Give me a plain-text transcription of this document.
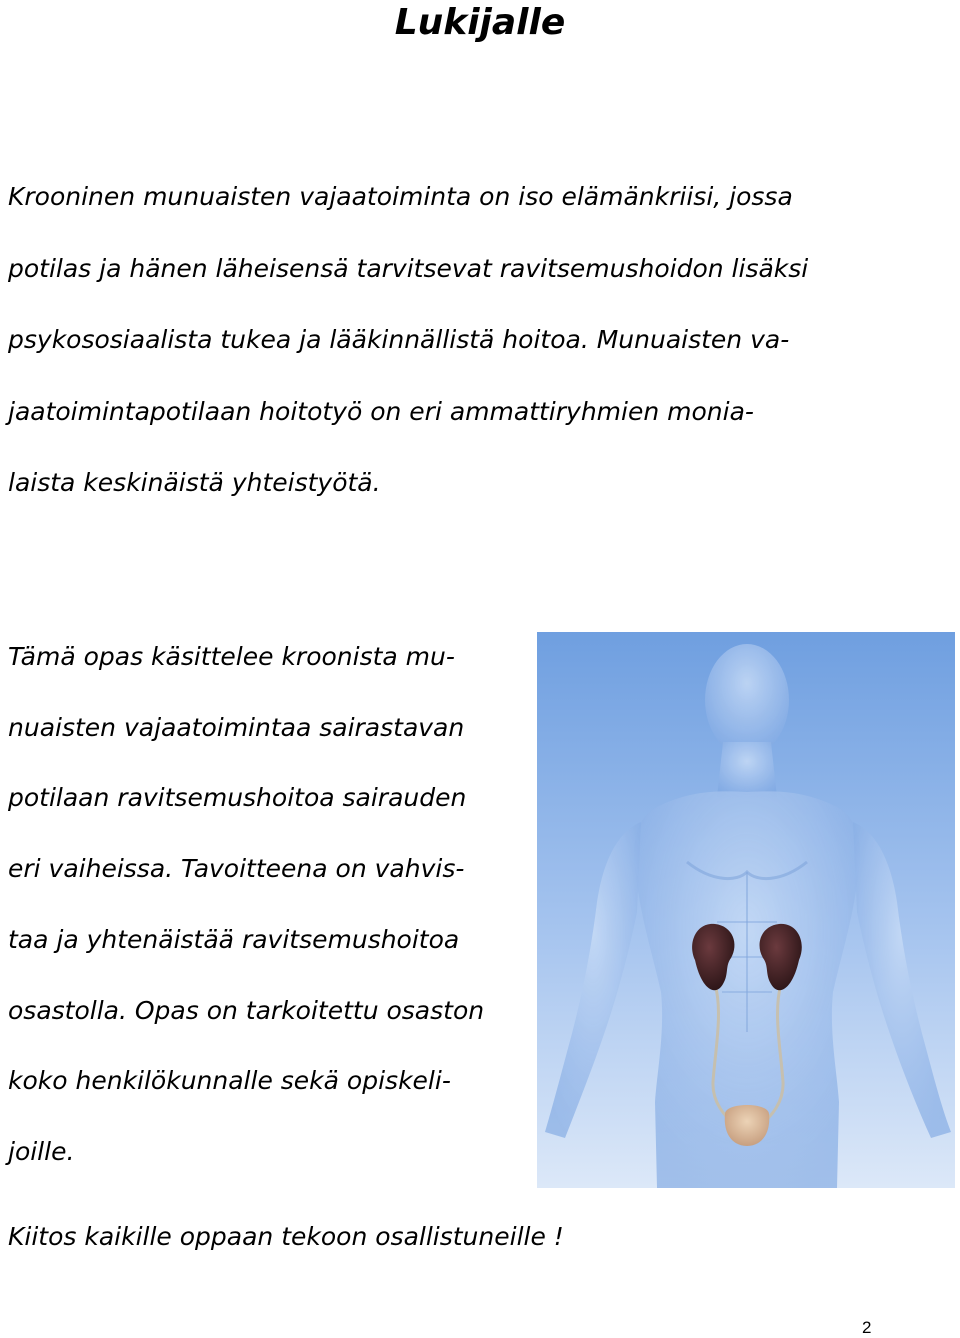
Lukijalle
Krooninen munuaisten vajaatoiminta on iso elämänkriisi, jossa
potilas ja hänen läheisensä tarvitsevat ravitsemushoidon lisäksi
psykososiaalista tukea ja lääkinnällistä hoitoa. Munuaisten va-
jaatoimintapotilaan hoitotyö on eri ammattiryhmien monia-
laista keskinäistä yhteistyötä.
Tämä opas käsittelee kroonista mu-
nuaisten vajaatoimintaa sairastavan
potilaan ravitsemushoitoa sairauden
eri vaiheissa. Tavoitteena on vahvis-
taa ja yhtenäistää ravitsemushoitoa
osastolla. Opas on tarkoitettu osaston
koko henkilökunnalle sekä opiskeli-
joille.
Kiitos kaikille oppaan tekoon osallistuneille !
2
